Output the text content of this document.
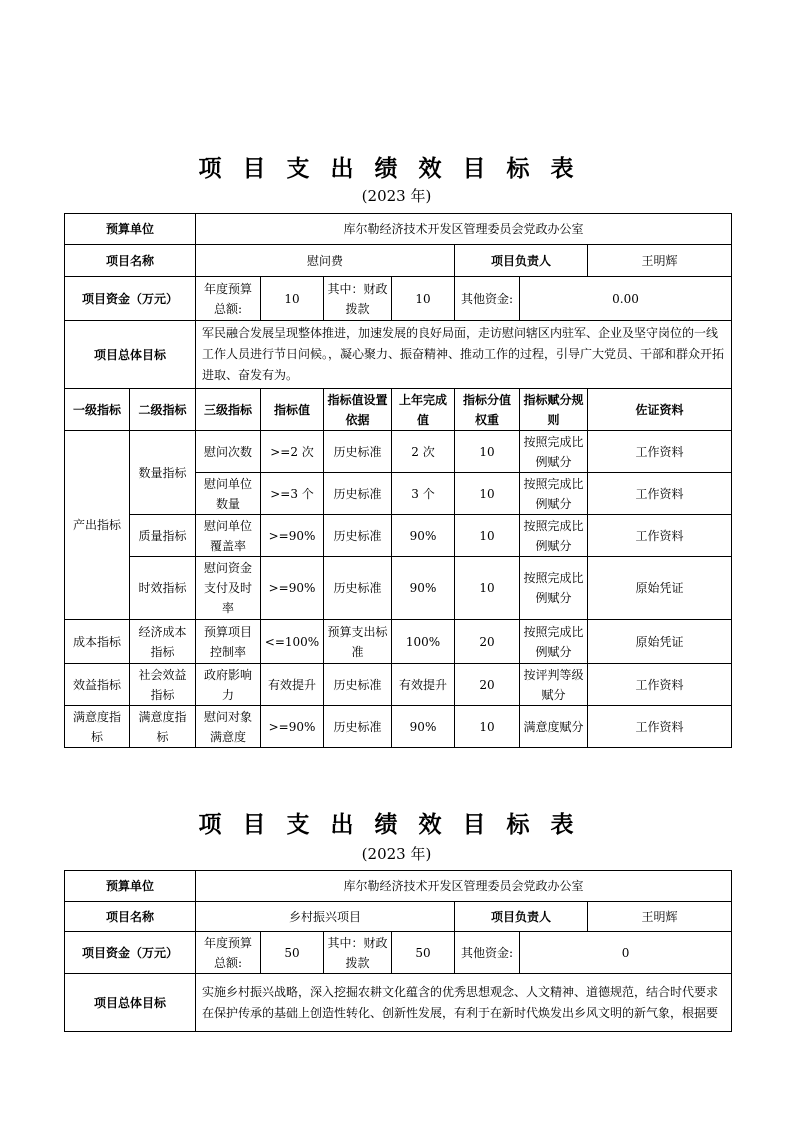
项目支出绩效目标表
(2023 年)
预算单位		库尔勒经济技术开发区管理委员会党政办公室						
项目名称		慰问费				项目负责人		王明辉
项目资金（万元）		年度预算总额:	10	其中：财政拨款	10	其他资金:	0.00	
项目总体目标		军民融合发展呈现整体推进，加速发展的良好局面，走访慰问辖区内驻军、企业及坚守岗位的一线工作人员进行节日问候。，凝心聚力、振奋精神、推动工作的过程，引导广大党员、干部和群众开拓进取、奋发有为。						
一级指标	二级指标	三级指标	指标值	指标值设置依据	上年完成值	指标分值权重	指标赋分规则	佐证资料
产出指标	数量指标	慰问次数	>=2 次	历史标准	2 次	10	按照完成比例赋分	工作资料
		慰问单位数量	>=3 个	历史标准	3 个	10	按照完成比例赋分	工作资料
	质量指标	慰问单位覆盖率	>=90%	历史标准	90%	10	按照完成比例赋分	工作资料
	时效指标	慰问资金支付及时率	>=90%	历史标准	90%	10	按照完成比例赋分	原始凭证
成本指标	经济成本指标	预算项目控制率	<=100%	预算支出标准	100%	20	按照完成比例赋分	原始凭证
效益指标	社会效益指标	政府影响力	有效提升	历史标准	有效提升	20	按评判等级赋分	工作资料
满意度指标	满意度指标	慰问对象满意度	>=90%	历史标准	90%	10	满意度赋分	工作资料
项目支出绩效目标表
(2023 年)
预算单位	库尔勒经济技术开发区管理委员会党政办公室						
项目名称	乡村振兴项目				项目负责人		王明辉
项目资金（万元）	年度预算总额:	50	其中：财政拨款	50	其他资金:	0	
项目总体目标	实施乡村振兴战略，深入挖掘农耕文化蕴含的优秀思想观念、人文精神、道德规范，结合时代要求在保护传承的基础上创造性转化、创新性发展，有利于在新时代焕发出乡风文明的新气象，根据要						
